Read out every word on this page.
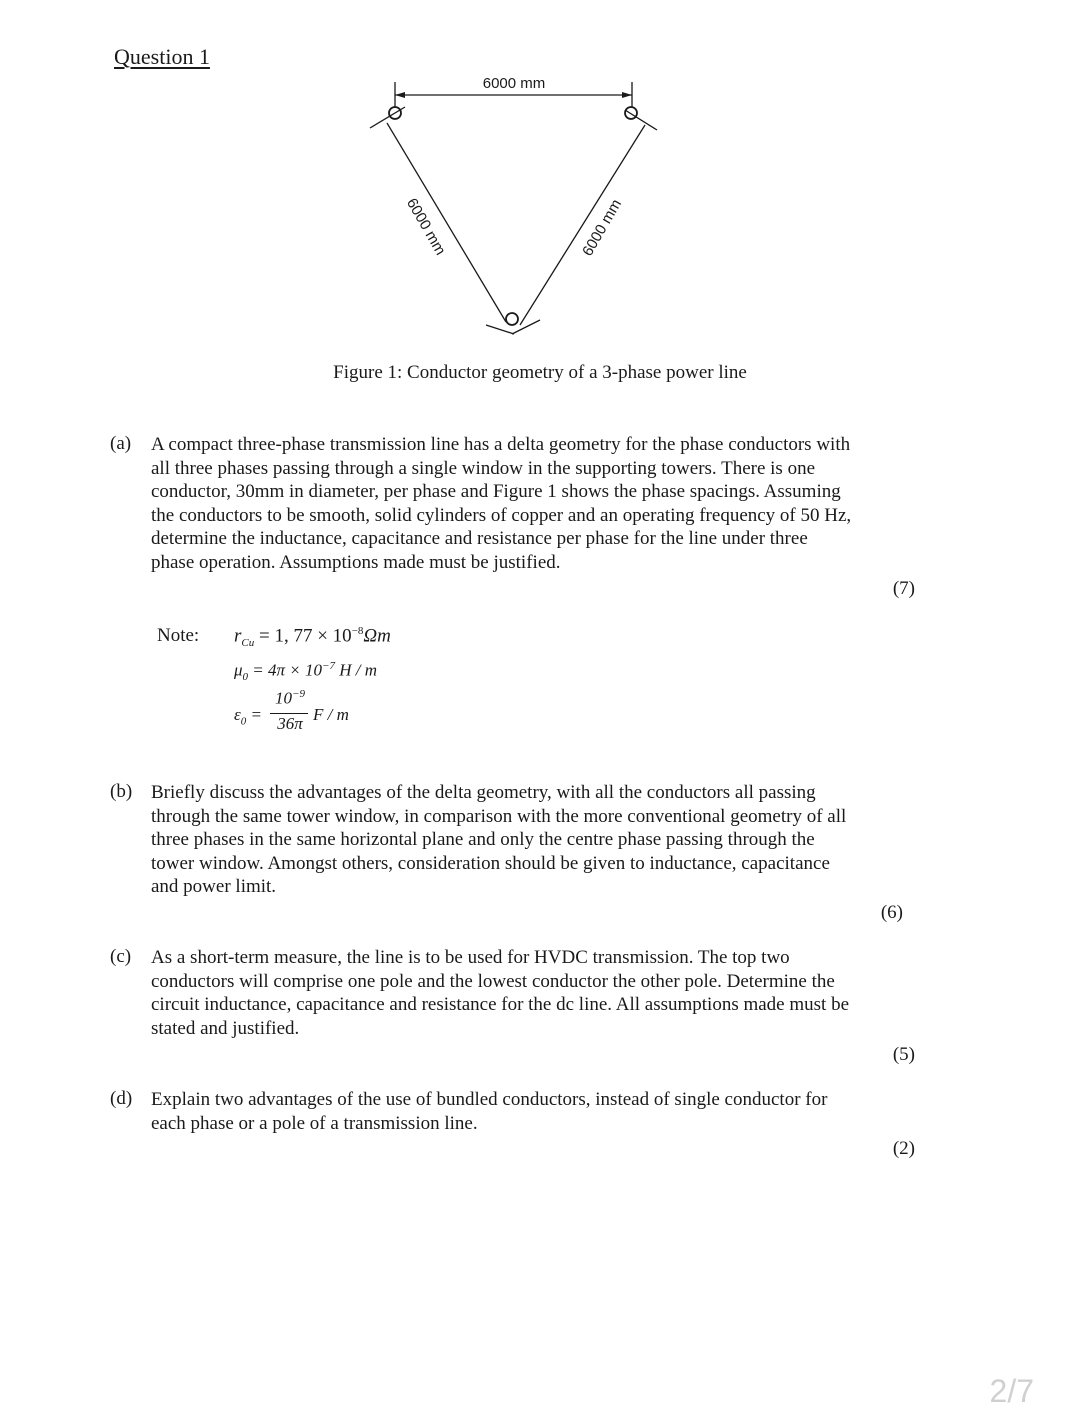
Question 1
6000 mm
6000 mm	6000 mm
Figure 1: Conductor geometry of a 3-phase power line
(a) A compact three-phase transmission line has a delta geometry for the phase conductors with
all three phases passing through a single window in the supporting towers. There is one
conductor, 30mm in diameter, per phase and Figure 1 shows the phase spacings. Assuming
the conductors to be smooth, solid cylinders of copper and an operating frequency of 50 Hz,
determine the inductance, capacitance and resistance per phase for the line under three
phase operation. Assumptions made must be justified.
(7)
Note: $r_{Cu} = 1$, $77 \times 10^{-8}\Omega m$
$\mu_0 = 4\pi \times 10^{-7}$ H / m
$\varepsilon_0$ =
$10^{-9}$
36π F / m
(b) Briefly discuss the advantages of the delta geometry, with all the conductors all passing
through the same tower window, in comparison with the more conventional geometry of all
three phases in the same horizontal plane and only the centre phase passing through the
tower window. Amongst others, consideration should be given to inductance, capacitance
and power limit.
(6)
(c) As a short-term measure, the line is to be used for HVDC transmission. The top two
conductors will comprise one pole and the lowest conductor the other pole. Determine the
circuit inductance, capacitance and resistance for the dc line. All assumptions made must be
stated and justified.
(5)
(d) Explain two advantages of the use of bundled conductors, instead of single conductor for
each phase or a pole of a transmission line.
(2)
2/7
